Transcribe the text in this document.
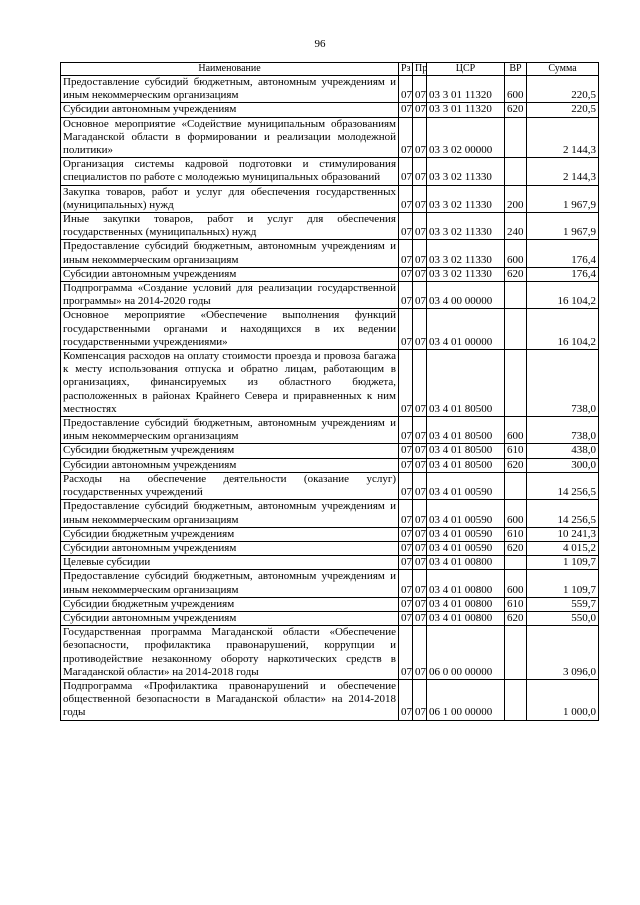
96
Наименование	Рз	Пр	ЦСР	ВР	Сумма
Предоставление субсидий бюджетным, автономным учреждениям и иным некоммерческим организациям	07	07	03 3 01 11320	600	220,5
Субсидии автономным учреждениям	07	07	03 3 01 11320	620	220,5
Основное мероприятие «Содействие муниципальным образованиям Магаданской области в формировании и реализации молодежной политики»	07	07	03 3 02 00000		2 144,3
Организация системы кадровой подготовки и стимулирования специалистов по работе с молодежью муниципальных образований	07	07	03 3 02 11330		2 144,3
Закупка товаров, работ и услуг для обеспечения государственных (муниципальных) нужд	07	07	03 3 02 11330	200	1 967,9
Иные закупки товаров, работ и услуг для обеспечения государственных (муниципальных) нужд	07	07	03 3 02 11330	240	1 967,9
Предоставление субсидий бюджетным, автономным учреждениям и иным некоммерческим организациям	07	07	03 3 02 11330	600	176,4
Субсидии автономным учреждениям	07	07	03 3 02 11330	620	176,4
Подпрограмма «Создание условий для реализации государственной программы» на 2014-2020 годы	07	07	03 4 00 00000		16 104,2
Основное мероприятие «Обеспечение выполнения функций государственными органами и находящихся в их ведении государственными учреждениями»	07	07	03 4 01 00000		16 104,2
Компенсация расходов на оплату стоимости проезда и провоза багажа к месту использования отпуска и обратно лицам, работающим в организациях, финансируемых из областного бюджета, расположенных в районах Крайнего Севера и приравненных к ним местностях	07	07	03 4 01 80500		738,0
Предоставление субсидий бюджетным, автономным учреждениям и иным некоммерческим организациям	07	07	03 4 01 80500	600	738,0
Субсидии бюджетным учреждениям	07	07	03 4 01 80500	610	438,0
Субсидии автономным учреждениям	07	07	03 4 01 80500	620	300,0
Расходы на обеспечение деятельности (оказание услуг) государственных учреждений	07	07	03 4 01 00590		14 256,5
Предоставление субсидий бюджетным, автономным учреждениям и иным некоммерческим организациям	07	07	03 4 01 00590	600	14 256,5
Субсидии бюджетным учреждениям	07	07	03 4 01 00590	610	10 241,3
Субсидии автономным учреждениям	07	07	03 4 01 00590	620	4 015,2
Целевые субсидии	07	07	03 4 01 00800		1 109,7
Предоставление субсидий бюджетным, автономным учреждениям и иным некоммерческим организациям	07	07	03 4 01 00800	600	1 109,7
Субсидии бюджетным учреждениям	07	07	03 4 01 00800	610	559,7
Субсидии автономным учреждениям	07	07	03 4 01 00800	620	550,0
Государственная программа Магаданской области «Обеспечение безопасности, профилактика правонарушений, коррупции и противодействие незаконному обороту наркотических средств в Магаданской области» на 2014-2018 годы	07	07	06 0 00 00000		3 096,0
Подпрограмма «Профилактика правонарушений и обеспечение общественной безопасности в Магаданской области» на 2014-2018 годы	07	07	06 1 00 00000		1 000,0
